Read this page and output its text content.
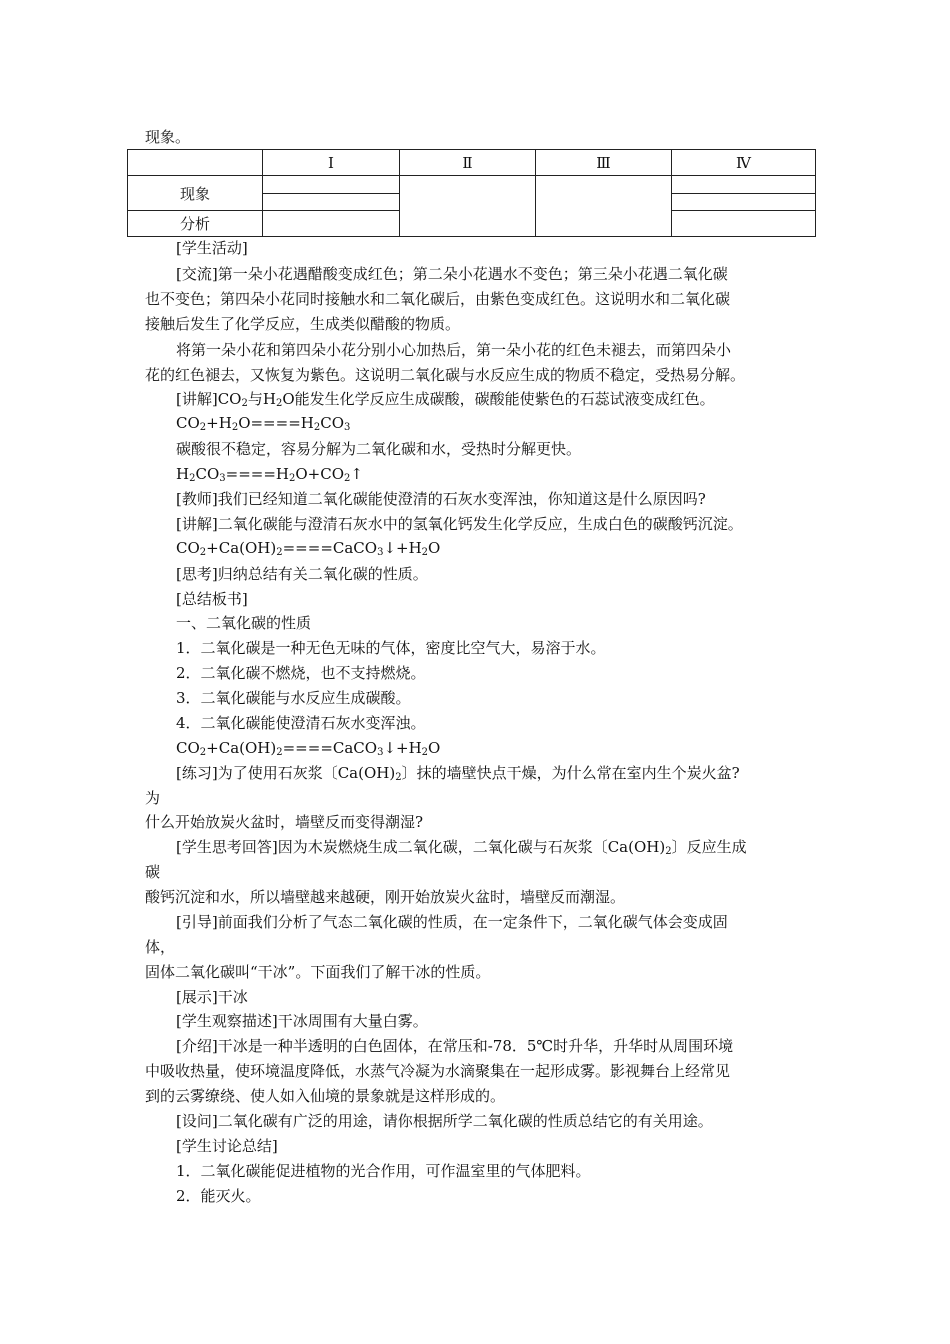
现象。
	Ⅰ	Ⅱ	Ⅲ	Ⅳ
现象	

分析				
[学生活动]
[交流]第一朵小花遇醋酸变成红色；第二朵小花遇水不变色；第三朵小花遇二氧化碳
也不变色；第四朵小花同时接触水和二氧化碳后，由紫色变成红色。这说明水和二氧化碳
接触后发生了化学反应，生成类似醋酸的物质。
将第一朵小花和第四朵小花分别小心加热后，第一朵小花的红色未褪去，而第四朵小
花的红色褪去，又恢复为紫色。这说明二氧化碳与水反应生成的物质不稳定，受热易分解。
[讲解]$CO_2$与$H_2O$能发生化学反应生成碳酸，碳酸能使紫色的石蕊试液变成红色。
$CO_2+H_2O====H_2CO_3$
碳酸很不稳定，容易分解为二氧化碳和水，受热时分解更快。
$H_2CO_3====H_2O+CO_2↑$
[教师]我们已经知道二氧化碳能使澄清的石灰水变浑浊，你知道这是什么原因吗?
[讲解]二氧化碳能与澄清石灰水中的氢氧化钙发生化学反应，生成白色的碳酸钙沉淀。
$CO_2+Ca(OH)_2====CaCO_3↓+H_2O$
[思考]归纳总结有关二氧化碳的性质。
[总结板书]
一、二氧化碳的性质
1．二氧化碳是一种无色无味的气体，密度比空气大，易溶于水。
2．二氧化碳不燃烧，也不支持燃烧。
3．二氧化碳能与水反应生成碳酸。
4．二氧化碳能使澄清石灰水变浑浊。
$CO_2+Ca(OH)_2====CaCO_3↓+H_2O$
[练习]为了使用石灰浆〔$Ca(OH)_2$〕抹的墙壁快点干燥，为什么常在室内生个炭火盆?
为
什么开始放炭火盆时，墙壁反而变得潮湿?
[学生思考回答]因为木炭燃烧生成二氧化碳，二氧化碳与石灰浆〔$Ca(OH)_2$〕反应生成
碳
酸钙沉淀和水，所以墙壁越来越硬，刚开始放炭火盆时，墙壁反而潮湿。
[引导]前面我们分析了气态二氧化碳的性质，在一定条件下，二氧化碳气体会变成固
体，
固体二氧化碳叫“干冰”。下面我们了解干冰的性质。
[展示]干冰
[学生观察描述]干冰周围有大量白雾。
[介绍]干冰是一种半透明的白色固体，在常压和-78．5℃时升华，升华时从周围环境
中吸收热量，使环境温度降低，水蒸气冷凝为水滴聚集在一起形成雾。影视舞台上经常见
到的云雾缭绕、使人如入仙境的景象就是这样形成的。
[设问]二氧化碳有广泛的用途，请你根据所学二氧化碳的性质总结它的有关用途。
[学生讨论总结]
1．二氧化碳能促进植物的光合作用，可作温室里的气体肥料。
2．能灭火。
